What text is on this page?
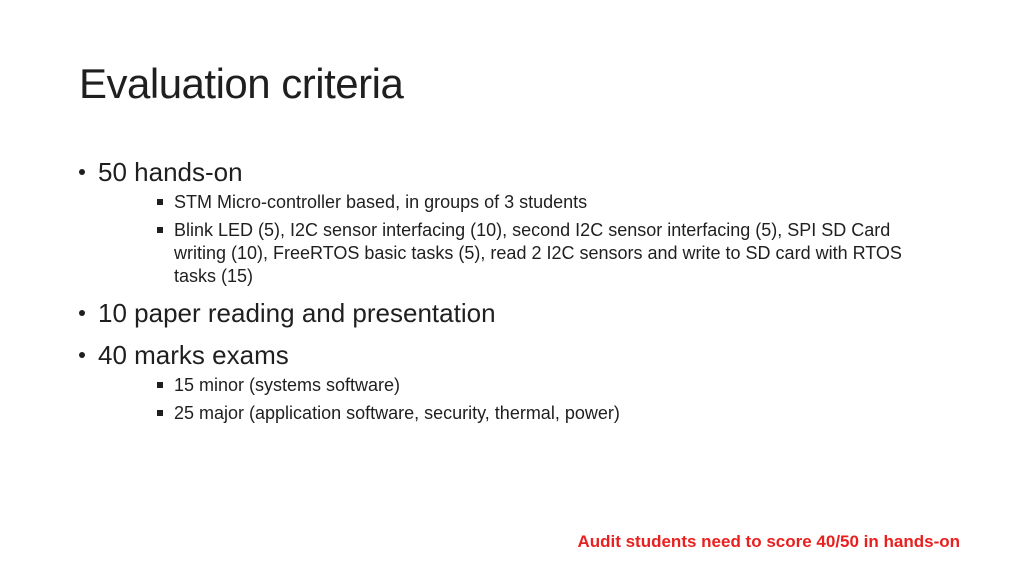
Evaluation criteria
50 hands-on
STM Micro-controller based, in groups of 3 students
Blink LED (5), I2C sensor interfacing (10), second I2C sensor interfacing (5), SPI SD Card writing (10), FreeRTOS basic tasks (5), read 2 I2C sensors and write to SD card with RTOS tasks (15)
10 paper reading and presentation
40 marks exams
15 minor (systems software)
25 major (application software, security, thermal, power)
Audit students need to score 40/50 in hands-on
